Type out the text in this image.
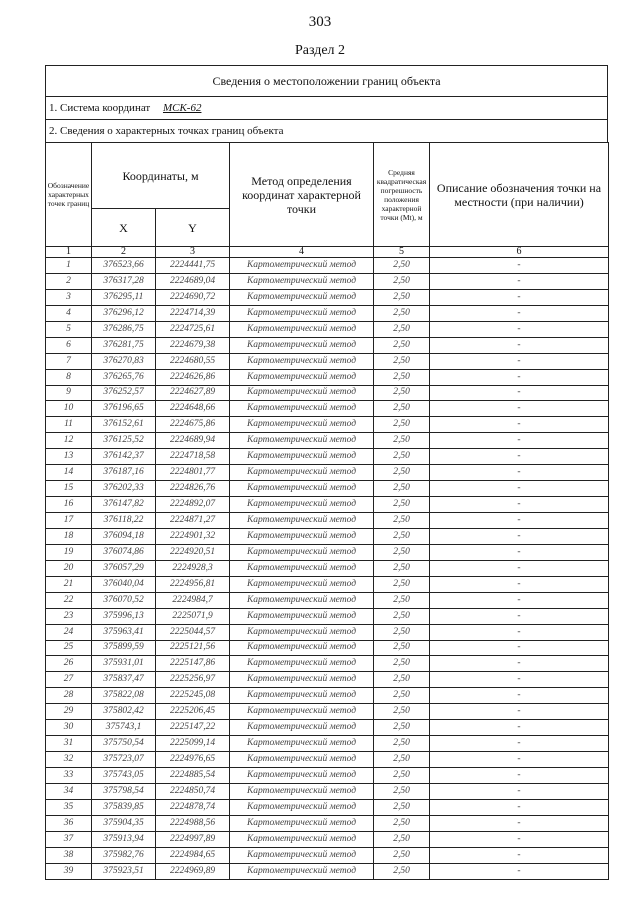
303
Раздел 2
Сведения о местоположении границ объекта
1. Система координат МСК-62
2. Сведения о характерных точках границ объекта
Обозначение характерных точек границ	Координаты, м		Метод определения координат характерной точки	Средняя квадратическая погрешность положения характерной точки (Mt), м	Описание обозначения точки на местности (при наличии)
	X	Y			
1	2	3	4	5	6
1	376523,66	2224441,75	Картометрический метод	2,50	-
2	376317,28	2224689,04	Картометрический метод	2,50	-
3	376295,11	2224690,72	Картометрический метод	2,50	-
4	376296,12	2224714,39	Картометрический метод	2,50	-
5	376286,75	2224725,61	Картометрический метод	2,50	-
6	376281,75	2224679,38	Картометрический метод	2,50	-
7	376270,83	2224680,55	Картометрический метод	2,50	-
8	376265,76	2224626,86	Картометрический метод	2,50	-
9	376252,57	2224627,89	Картометрический метод	2,50	-
10	376196,65	2224648,66	Картометрический метод	2,50	-
11	376152,61	2224675,86	Картометрический метод	2,50	-
12	376125,52	2224689,94	Картометрический метод	2,50	-
13	376142,37	2224718,58	Картометрический метод	2,50	-
14	376187,16	2224801,77	Картометрический метод	2,50	-
15	376202,33	2224826,76	Картометрический метод	2,50	-
16	376147,82	2224892,07	Картометрический метод	2,50	-
17	376118,22	2224871,27	Картометрический метод	2,50	-
18	376094,18	2224901,32	Картометрический метод	2,50	-
19	376074,86	2224920,51	Картометрический метод	2,50	-
20	376057,29	2224928,3	Картометрический метод	2,50	-
21	376040,04	2224956,81	Картометрический метод	2,50	-
22	376070,52	2224984,7	Картометрический метод	2,50	-
23	375996,13	2225071,9	Картометрический метод	2,50	-
24	375963,41	2225044,57	Картометрический метод	2,50	-
25	375899,59	2225121,56	Картометрический метод	2,50	-
26	375931,01	2225147,86	Картометрический метод	2,50	-
27	375837,47	2225256,97	Картометрический метод	2,50	-
28	375822,08	2225245,08	Картометрический метод	2,50	-
29	375802,42	2225206,45	Картометрический метод	2,50	-
30	375743,1	2225147,22	Картометрический метод	2,50	-
31	375750,54	2225099,14	Картометрический метод	2,50	-
32	375723,07	2224976,65	Картометрический метод	2,50	-
33	375743,05	2224885,54	Картометрический метод	2,50	-
34	375798,54	2224850,74	Картометрический метод	2,50	-
35	375839,85	2224878,74	Картометрический метод	2,50	-
36	375904,35	2224988,56	Картометрический метод	2,50	-
37	375913,94	2224997,89	Картометрический метод	2,50	-
38	375982,76	2224984,65	Картометрический метод	2,50	-
39	375923,51	2224969,89	Картометрический метод	2,50	-
